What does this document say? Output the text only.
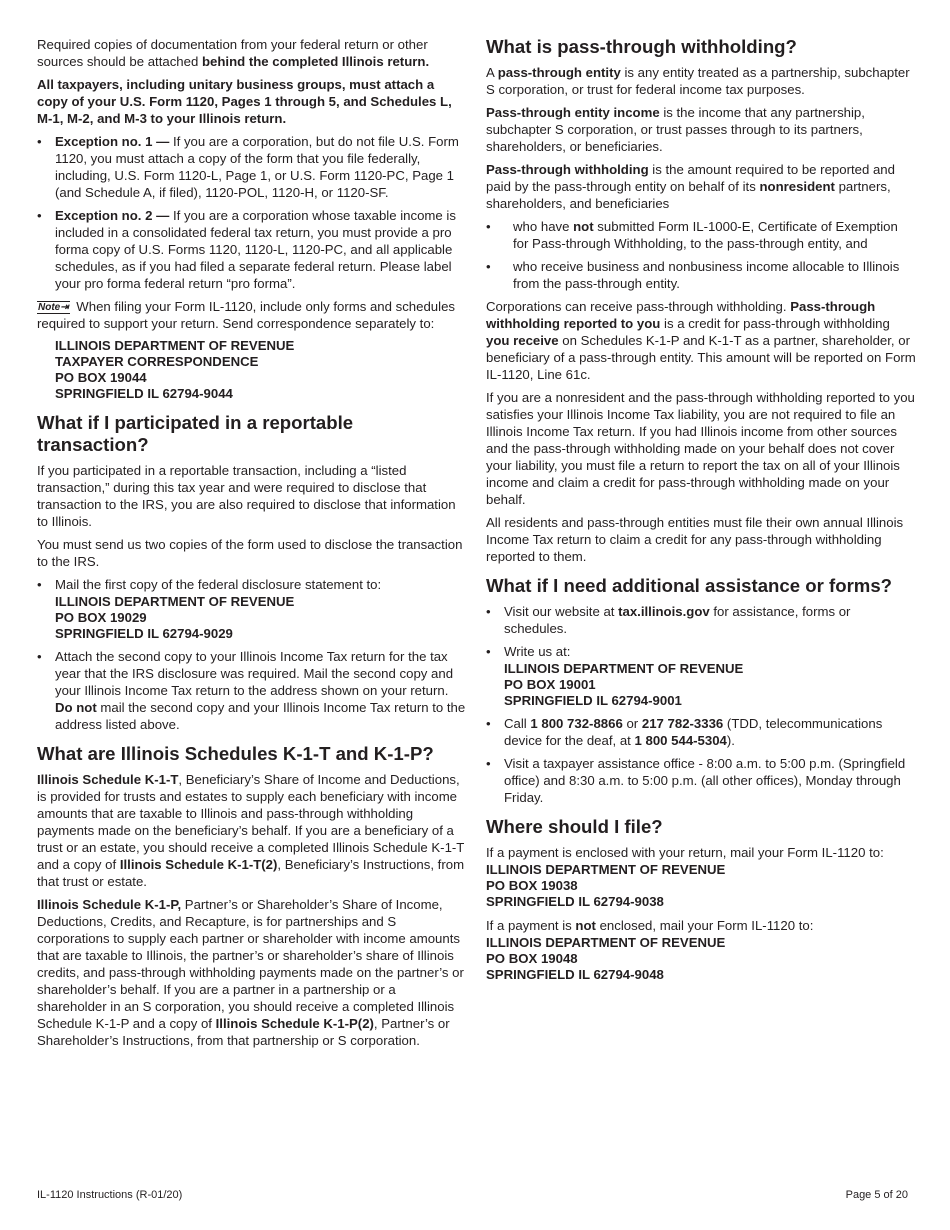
Required copies of documentation from your federal return or other sources should be attached behind the completed Illinois return.

All taxpayers, including unitary business groups, must attach a copy of your U.S. Form 1120, Pages 1 through 5, and Schedules L, M-1, M-2, and M-3 to your Illinois return.

• Exception no. 1 — If you are a corporation, but do not file U.S. Form 1120, you must attach a copy of the form that you file federally, including, U.S. Form 1120-L, Page 1, or U.S. Form 1120-PC, Page 1 (and Schedule A, if filed), 1120-POL, 1120-H, or 1120-SF.
• Exception no. 2 — If you are a corporation whose taxable income is included in a consolidated federal tax return, you must provide a pro forma copy of U.S. Forms 1120, 1120-L, 1120-PC, and all applicable schedules, as if you had filed a separate federal return. Please label your pro forma federal return “pro forma”.

Note⇥ When filing your Form IL-1120, include only forms and schedules required to support your return. Send correspondence separately to:

ILLINOIS DEPARTMENT OF REVENUE
TAXPAYER CORRESPONDENCE
PO BOX 19044
SPRINGFIELD IL 62794-9044
What if I participated in a reportable transaction?

If you participated in a reportable transaction, including a “listed transaction,” during this tax year and were required to disclose that transaction to the IRS, you are also required to disclose that information to Illinois.

You must send us two copies of the form used to disclose the transaction to the IRS.

• Mail the first copy of the federal disclosure statement to:
ILLINOIS DEPARTMENT OF REVENUE
PO BOX 19029
SPRINGFIELD IL 62794-9029
• Attach the second copy to your Illinois Income Tax return for the tax year that the IRS disclosure was required. Mail the second copy and your Illinois Income Tax return to the address shown on your return. Do not mail the second copy and your Illinois Income Tax return to the address listed above.
What are Illinois Schedules K-1-T and K-1-P?

Illinois Schedule K-1-T, Beneficiary’s Share of Income and Deductions, is provided for trusts and estates to supply each beneficiary with income amounts that are taxable to Illinois and pass-through withholding payments made on the beneficiary’s behalf. If you are a beneficiary of a trust or an estate, you should receive a completed Illinois Schedule K-1-T and a copy of Illinois Schedule K-1-T(2), Beneficiary’s Instructions, from that trust or estate.

Illinois Schedule K-1-P, Partner’s or Shareholder’s Share of Income, Deductions, Credits, and Recapture, is for partnerships and S corporations to supply each partner or shareholder with income amounts that are taxable to Illinois, the partner’s or shareholder’s share of Illinois credits, and pass-through withholding payments made on the partner’s or shareholder’s behalf. If you are a partner in a partnership or a shareholder in an S corporation, you should receive a completed Illinois Schedule K-1-P and a copy of Illinois Schedule K-1-P(2), Partner’s or Shareholder’s Instructions, from that partnership or S corporation.

What is pass-through withholding?

A pass-through entity is any entity treated as a partnership, subchapter S corporation, or trust for federal income tax purposes.

Pass-through entity income is the income that any partnership, subchapter S corporation, or trust passes through to its partners, shareholders, or beneficiaries.

Pass-through withholding is the amount required to be reported and paid by the pass-through entity on behalf of its nonresident partners, shareholders, and beneficiaries

• who have not submitted Form IL-1000-E, Certificate of Exemption for Pass-through Withholding, to the pass-through entity, and
• who receive business and nonbusiness income allocable to Illinois from the pass-through entity.

Corporations can receive pass-through withholding. Pass-through withholding reported to you is a credit for pass-through withholding you receive on Schedules K-1-P and K-1-T as a partner, shareholder, or beneficiary of a pass-through entity. This amount will be reported on Form IL-1120, Line 61c.

If you are a nonresident and the pass-through withholding reported to you satisfies your Illinois Income Tax liability, you are not required to file an Illinois Income Tax return. If you had Illinois income from other sources and the pass-through withholding made on your behalf does not cover your liability, you must file a return to report the tax on all of your Illinois income and claim a credit for pass-through withholding made on your behalf.

All residents and pass-through entities must file their own annual Illinois Income Tax return to claim a credit for any pass-through withholding reported to them.

What if I need additional assistance or forms?
• Visit our website at tax.illinois.gov for assistance, forms or schedules.
• Write us at:
ILLINOIS DEPARTMENT OF REVENUE
PO BOX 19001
SPRINGFIELD IL 62794-9001
• Call 1 800 732-8866 or 217 782-3336 (TDD, telecommunications device for the deaf, at 1 800 544-5304).
• Visit a taxpayer assistance office - 8:00 a.m. to 5:00 p.m. (Springfield office) and 8:30 a.m. to 5:00 p.m. (all other offices), Monday through Friday.
Where should I file?

If a payment is enclosed with your return, mail your Form IL-1120 to:

ILLINOIS DEPARTMENT OF REVENUE
PO BOX 19038
SPRINGFIELD IL 62794-9038

If a payment is not enclosed, mail your Form IL-1120 to:

ILLINOIS DEPARTMENT OF REVENUE
PO BOX 19048
SPRINGFIELD IL 62794-9048
IL-1120 Instructions (R-01/20)	Page 5 of 20
